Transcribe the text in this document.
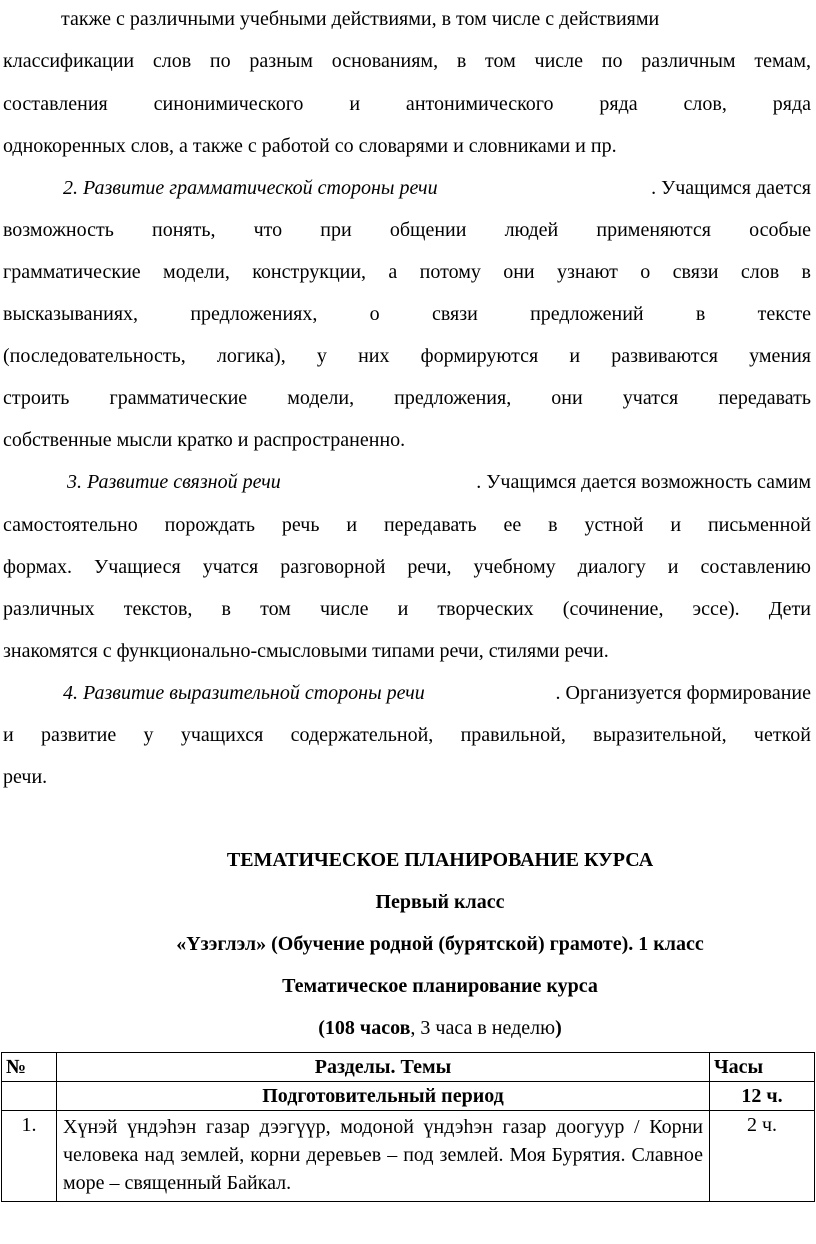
также с различными учебными действиями, в том числе с действиями
классификации слов по разным основаниям, в том числе по различным темам,
составления синонимического и антонимического ряда слов, ряда
однокоренных слов, а также с работой со словарями и словниками и пр.
2. Развитие грамматической стороны речи	. Учащимся дается
возможность понять, что при общении людей применяются особые
грамматические модели, конструкции, а потому они узнают о связи слов в
высказываниях, предложениях, о связи предложений в тексте
(последовательность, логика), у них формируются и развиваются умения
строить грамматические модели, предложения, они учатся передавать
собственные мысли кратко и распространенно.
3. Развитие связной речи	. Учащимся дается возможность самим
самостоятельно порождать речь и передавать ее в устной и письменной
формах. Учащиеся учатся разговорной речи, учебному диалогу и составлению
различных текстов, в том числе и творческих (сочинение, эссе). Дети
знакомятся с функционально-смысловыми типами речи, стилями речи.
4. Развитие выразительной стороны речи	. Организуется формирование
и развитие у учащихся содержательной, правильной, выразительной, четкой
речи.
ТЕМАТИЧЕСКОЕ ПЛАНИРОВАНИЕ КУРСА
Первый класс
«Үзэглэл» (Обучение родной (бурятской) грамоте). 1 класс
Тематическое планирование курса
(108 часов, 3 часа в неделю)
№	Разделы. Темы	Часы
	Подготовительный период	12 ч.
1.	Хүнэй үндэһэн газар дээгүүр, модоной үндэһэн газар доогуур / Корни человека над землей, корни деревьев – под землей. Моя Бурятия. Славное море – священный Байкал.	2 ч.
